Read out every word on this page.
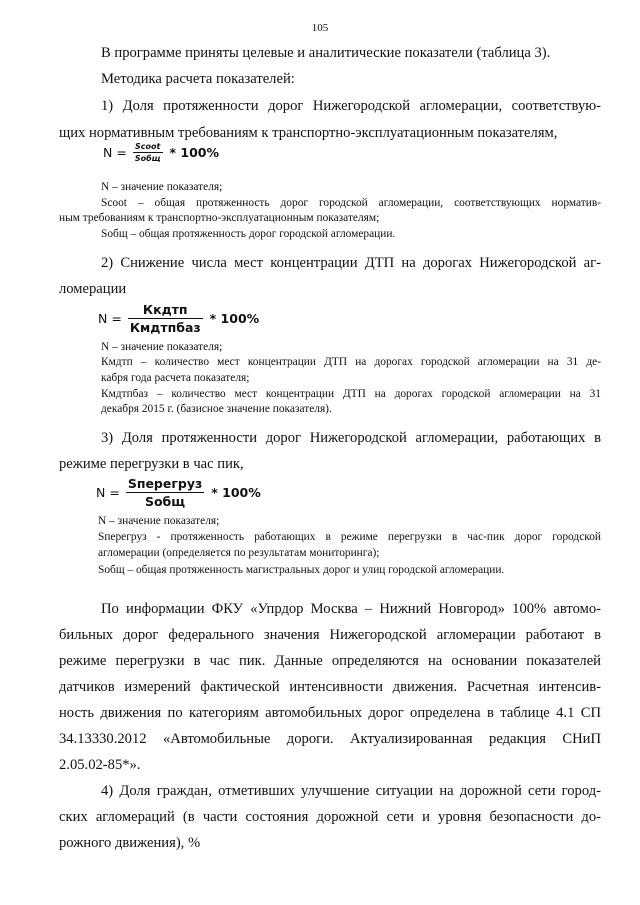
105
В программе приняты целевые и аналитические показатели (таблица 3).
Методика расчета показателей:
1) Доля протяженности дорог Нижегородской агломерации, соответствую-
щих нормативным требованиям к транспортно-эксплуатационным показателям,
$N = \frac{\text{Scoot}}{\text{Sобщ}} * 100\%$
N – значение показателя;
Scoot – общая протяженность дорог городской агломерации, соответствующих норматив-
ным требованиям к транспортно-эксплуатационным показателям;
Sобщ – общая протяженность дорог городской агломерации.
2) Снижение числа мест концентрации ДТП на дорогах Нижегородской аг-
ломерации
$N = \frac{\text{Ккдтп}}{\text{Кмдтпбаз}} * 100\%$
N – значение показателя;
Кмдтп – количество мест концентрации ДТП на дорогах городской агломерации на 31 де-
кабря года расчета показателя;
Кмдтпбаз – количество мест концентрации ДТП на дорогах городской агломерации на 31
декабря 2015 г. (базисное значение показателя).
3) Доля протяженности дорог Нижегородской агломерации, работающих в
режиме перегрузки в час пик,
$N = \frac{\text{Sперегруз}}{\text{Sобщ}} * 100\%$
N – значение показателя;
Sперегруз - протяженность работающих в режиме перегрузки в час-пик дорог городской
агломерации (определяется по результатам мониторинга);
Sобщ – общая протяженность магистральных дорог и улиц городской агломерации.
По информации ФКУ «Упрдор Москва – Нижний Новгород» 100% автомо-
бильных дорог федерального значения Нижегородской агломерации работают в
режиме перегрузки в час пик. Данные определяются на основании показателей
датчиков измерений фактической интенсивности движения. Расчетная интенсив-
ность движения по категориям автомобильных дорог определена в таблице 4.1 СП
34.13330.2012 «Автомобильные дороги. Актуализированная редакция СНиП
2.05.02-85*».
4) Доля граждан, отметивших улучшение ситуации на дорожной сети город-
ских агломераций (в части состояния дорожной сети и уровня безопасности до-
рожного движения), %
